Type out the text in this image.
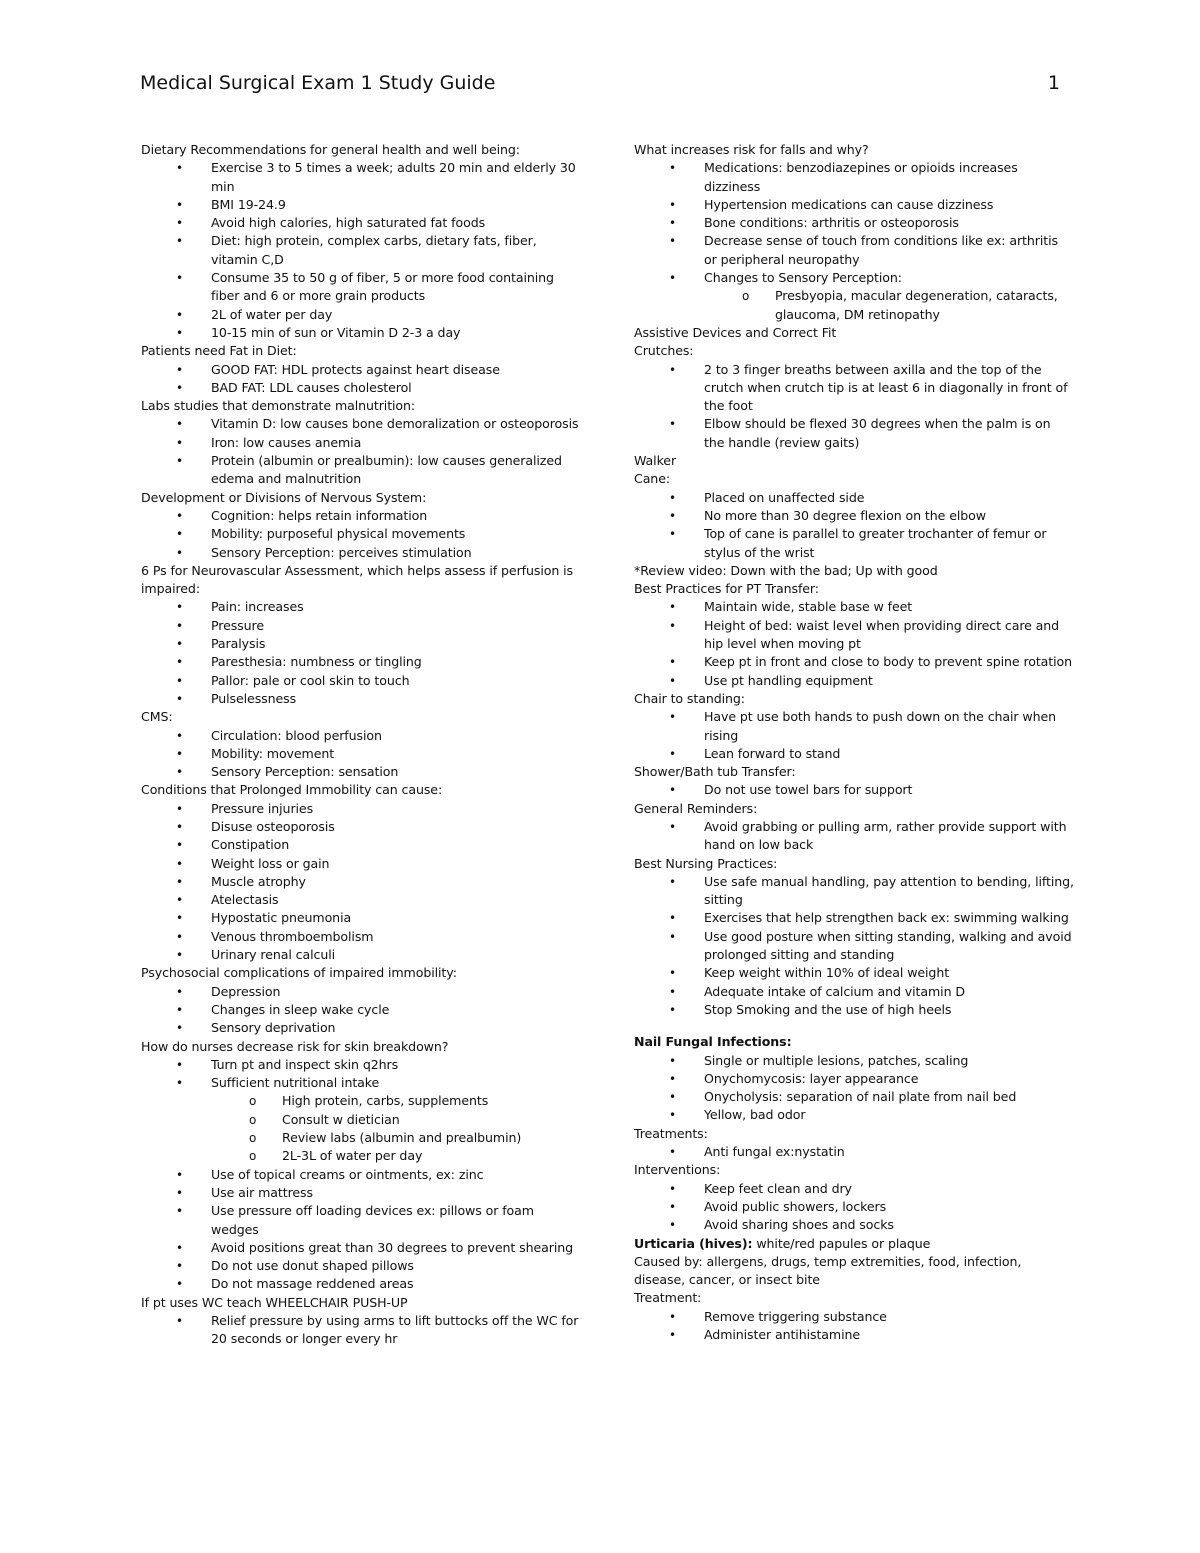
Medical Surgical Exam 1 Study Guide	1
Dietary Recommendations for general health and well being:
• Exercise 3 to 5 times a week; adults 20 min and elderly 30 min
• BMI 19-24.9
• Avoid high calories, high saturated fat foods
• Diet: high protein, complex carbs, dietary fats, fiber, vitamin C,D
• Consume 35 to 50 g of fiber, 5 or more food containing fiber and 6 or more grain products
• 2L of water per day
• 10-15 min of sun or Vitamin D 2-3 a day
Patients need Fat in Diet:
• GOOD FAT: HDL protects against heart disease
• BAD FAT: LDL causes cholesterol
Labs studies that demonstrate malnutrition:
• Vitamin D: low causes bone demoralization or osteoporosis
• Iron: low causes anemia
• Protein (albumin or prealbumin): low causes generalized edema and malnutrition
Development or Divisions of Nervous System:
• Cognition: helps retain information
• Mobility: purposeful physical movements
• Sensory Perception: perceives stimulation
6 Ps for Neurovascular Assessment, which helps assess if perfusion is impaired:
• Pain: increases
• Pressure
• Paralysis
• Paresthesia: numbness or tingling
• Pallor: pale or cool skin to touch
• Pulselessness
CMS:
• Circulation: blood perfusion
• Mobility: movement
• Sensory Perception: sensation
Conditions that Prolonged Immobility can cause:
• Pressure injuries
• Disuse osteoporosis
• Constipation
• Weight loss or gain
• Muscle atrophy
• Atelectasis
• Hypostatic pneumonia
• Venous thromboembolism
• Urinary renal calculi
Psychosocial complications of impaired immobility:
• Depression
• Changes in sleep wake cycle
• Sensory deprivation
How do nurses decrease risk for skin breakdown?
• Turn pt and inspect skin q2hrs
• Sufficient nutritional intake
o High protein, carbs, supplements
o Consult w dietician
o Review labs (albumin and prealbumin)
o 2L-3L of water per day
• Use of topical creams or ointments, ex: zinc
• Use air mattress
• Use pressure off loading devices ex: pillows or foam wedges
• Avoid positions great than 30 degrees to prevent shearing
• Do not use donut shaped pillows
• Do not massage reddened areas
If pt uses WC teach WHEELCHAIR PUSH-UP
• Relief pressure by using arms to lift buttocks off the WC for 20 seconds or longer every hr
What increases risk for falls and why?
• Medications: benzodiazepines or opioids increases dizziness
• Hypertension medications can cause dizziness
• Bone conditions: arthritis or osteoporosis
• Decrease sense of touch from conditions like ex: arthritis or peripheral neuropathy
• Changes to Sensory Perception:
o Presbyopia, macular degeneration, cataracts, glaucoma, DM retinopathy
Assistive Devices and Correct Fit
Crutches:
• 2 to 3 finger breaths between axilla and the top of the crutch when crutch tip is at least 6 in diagonally in front of the foot
• Elbow should be flexed 30 degrees when the palm is on the handle (review gaits)
Walker
Cane:
• Placed on unaffected side
• No more than 30 degree flexion on the elbow
• Top of cane is parallel to greater trochanter of femur or stylus of the wrist
*Review video: Down with the bad; Up with good
Best Practices for PT Transfer:
• Maintain wide, stable base w feet
• Height of bed: waist level when providing direct care and hip level when moving pt
• Keep pt in front and close to body to prevent spine rotation
• Use pt handling equipment
Chair to standing:
• Have pt use both hands to push down on the chair when rising
• Lean forward to stand
Shower/Bath tub Transfer:
• Do not use towel bars for support
General Reminders:
• Avoid grabbing or pulling arm, rather provide support with hand on low back
Best Nursing Practices:
• Use safe manual handling, pay attention to bending, lifting, sitting
• Exercises that help strengthen back ex: swimming walking
• Use good posture when sitting standing, walking and avoid prolonged sitting and standing
• Keep weight within 10% of ideal weight
• Adequate intake of calcium and vitamin D
• Stop Smoking and the use of high heels
Nail Fungal Infections:
• Single or multiple lesions, patches, scaling
• Onychomycosis: layer appearance
• Onycholysis: separation of nail plate from nail bed
• Yellow, bad odor
Treatments:
• Anti fungal ex:nystatin
Interventions:
• Keep feet clean and dry
• Avoid public showers, lockers
• Avoid sharing shoes and socks
Urticaria (hives): white/red papules or plaque
Caused by: allergens, drugs, temp extremities, food, infection, disease, cancer, or insect bite
Treatment:
• Remove triggering substance
• Administer antihistamine
